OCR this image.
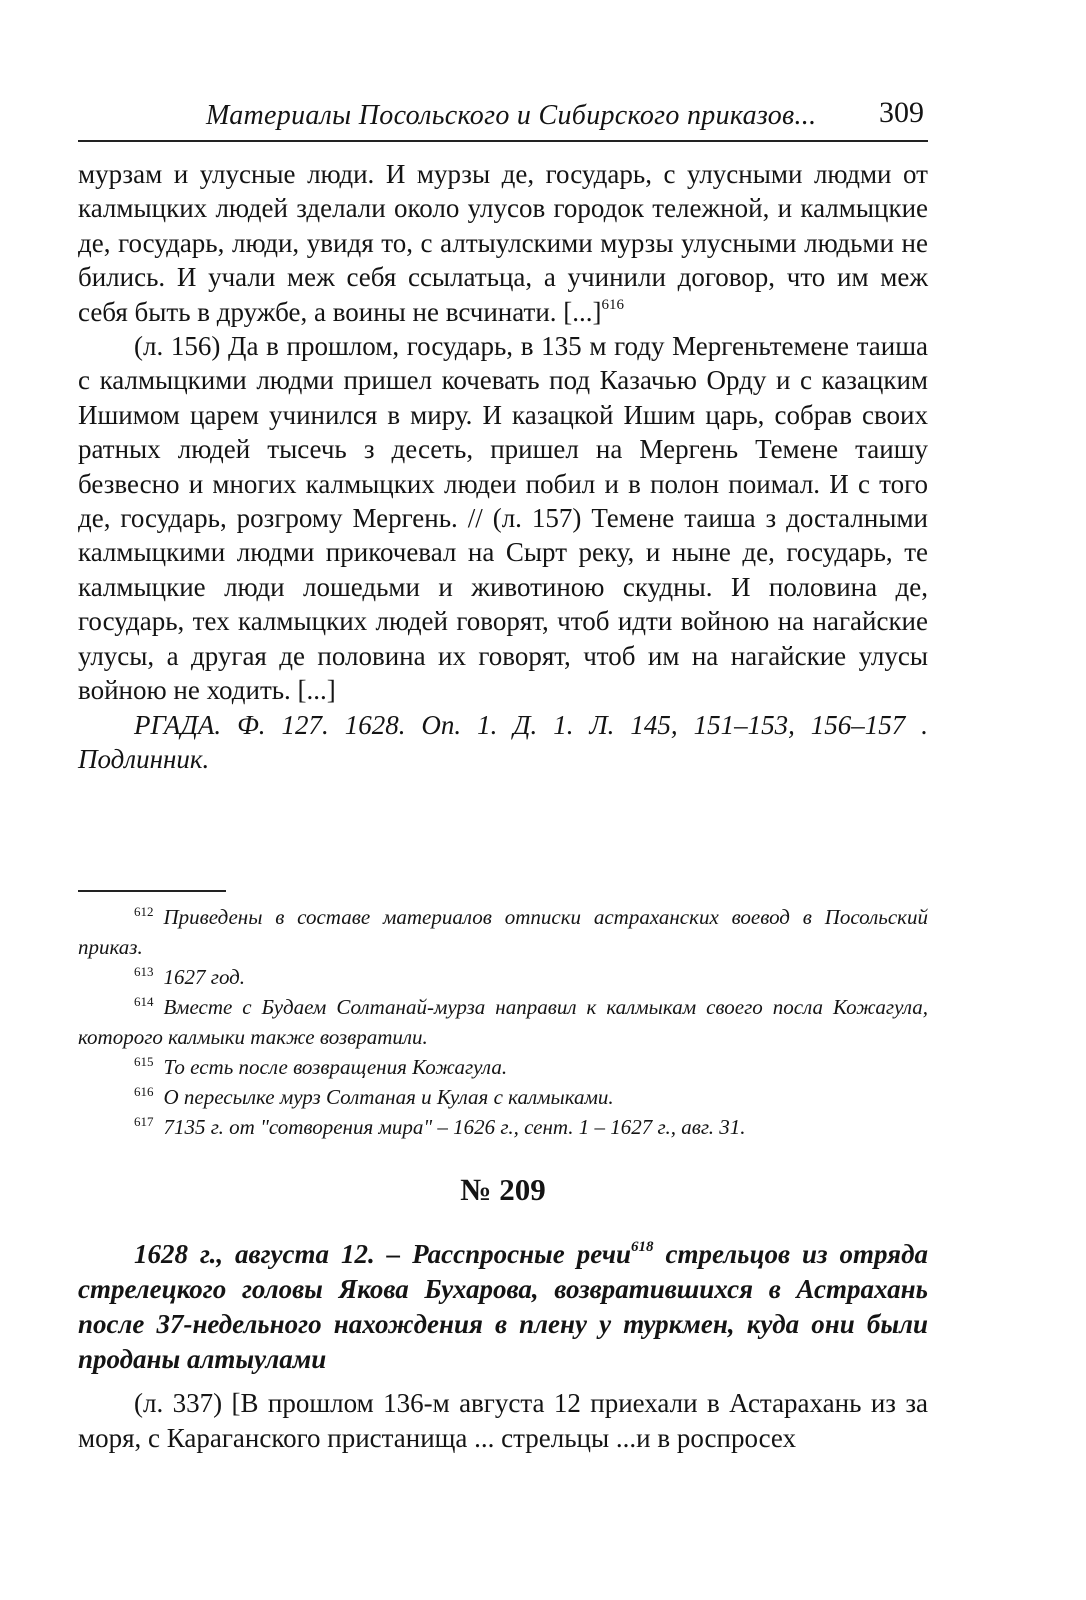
Материалы Посольского и Сибирского приказов... 309

мурзам и улусные люди. И мурзы де, государь, с улусными людми от калмыцких людей зделали около улусов городок тележной, и калмыцкие де, государь, люди, увидя то, с алтыулскими мурзы улусными людьми не бились. И учали меж себя ссылатьца, а учинили договор, что им меж себя быть в дружбе, а воины не всчинати. [...]$^{616}$

(л. 156) Да в прошлом, государь, в 135 м году Мергеньтемене таиша с калмыцкими людми пришел кочевать под Казачью Орду и с казацким Ишимом царем учинился в миру. И казацкой Ишим царь, собрав своих ратных людей тысечь з десеть, пришел на Мергень Темене таишу безвесно и многих калмыцких людеи побил и в полон поимал. И с того де, государь, розгрому Мергень. // (л. 157) Темене таиша з досталными калмыцкими людми прикочевал на Сырт реку, и ныне де, государь, те калмыцкие люди лошедьми и животиною скудны. И половина де, государь, тех калмыцких людей говорят, чтоб идти войною на нагайские улусы, а другая де половина их говорят, чтоб им на нагайские улусы войною не ходить. [...]

РГАДА. Ф. 127. 1628. Оп. 1. Д. 1. Л. 145, 151–153, 156–157 . Подлинник.

$^{612}$ Приведены в составе материалов отписки астраханских воевод в Посольский приказ.

$^{613}$ 1627 год.

$^{614}$ Вместе с Будаем Солтанай-мурза направил к калмыкам своего посла Кожагула, которого калмыки также возвратили.

$^{615}$ То есть после возвращения Кожагула.

$^{616}$ О пересылке мурз Солтаная и Кулая с калмыками.

$^{617}$ 7135 г. от "сотворения мира" – 1626 г., сент. 1 – 1627 г., авг. 31.

№ 209

1628 г., августа 12. – Расспросные речи$^{618}$ стрельцов из отряда стрелецкого головы Якова Бухарова, возвратившихся в Астрахань после 37-недельного нахождения в плену у туркмен, куда они были проданы алтыулами

(л. 337) [В прошлом 136-м августа 12 приехали в Астарахань из за моря, с Караганского пристанища ... стрельцы ...и в роспросех
